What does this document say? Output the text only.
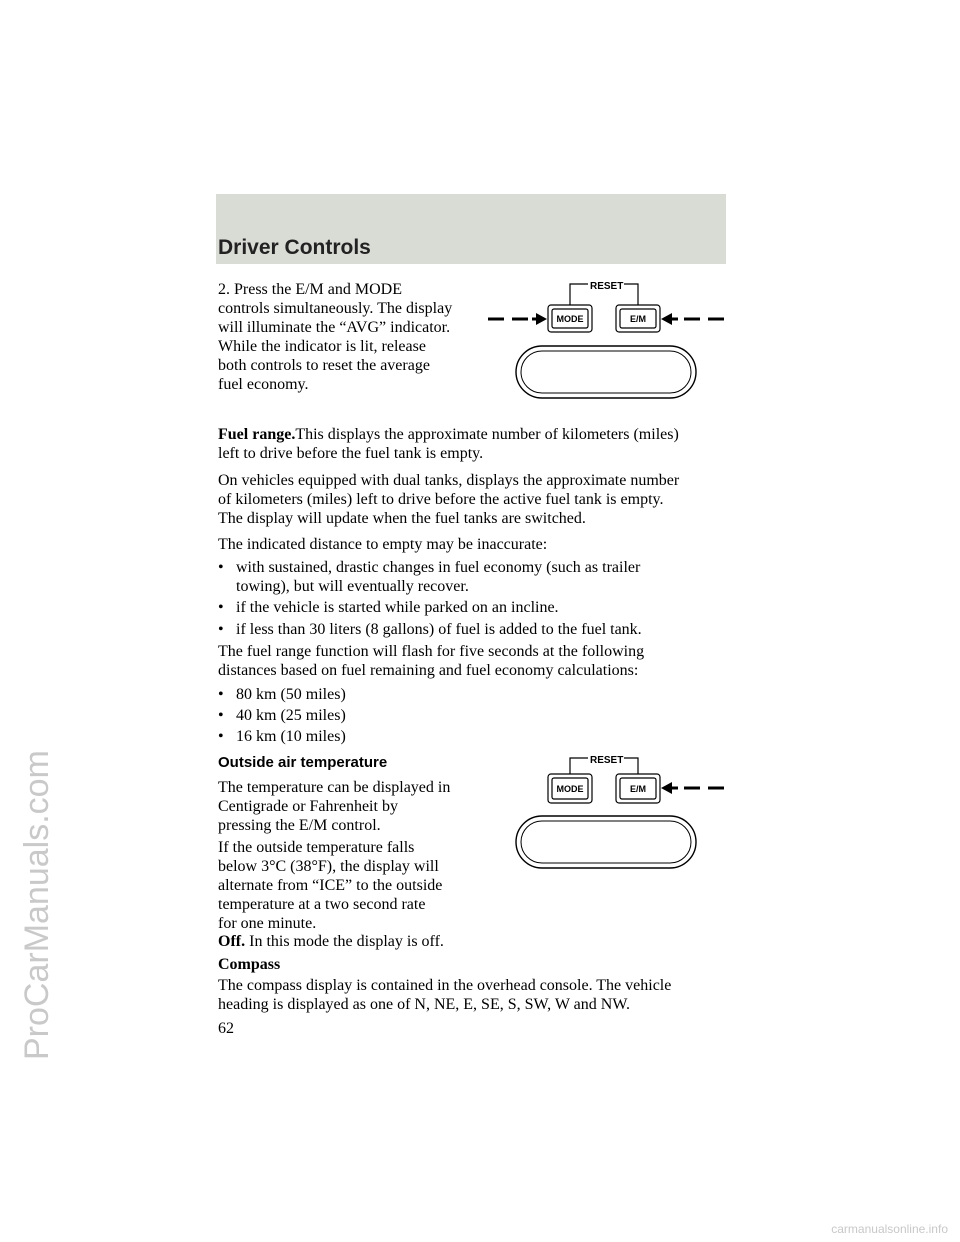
ProCarManuals.com
Driver Controls

2. Press the E/M and MODE
controls simultaneously. The display
will illuminate the “AVG” indicator.
While the indicator is lit, release
both controls to reset the average
fuel economy.

RESET
MODE	E/M

Fuel range.This displays the approximate number of kilometers (miles)
left to drive before the fuel tank is empty.

On vehicles equipped with dual tanks, displays the approximate number
of kilometers (miles) left to drive before the active fuel tank is empty.
The display will update when the fuel tanks are switched.

The indicated distance to empty may be inaccurate:

• with sustained, drastic changes in fuel economy (such as trailer
towing), but will eventually recover.
• if the vehicle is started while parked on an incline.
• if less than 30 liters (8 gallons) of fuel is added to the fuel tank.

The fuel range function will flash for five seconds at the following
distances based on fuel remaining and fuel economy calculations:

• 80 km (50 miles)
• 40 km (25 miles)
• 16 km (10 miles)
Outside air temperature

The temperature can be displayed in
Centigrade or Fahrenheit by
pressing the E/M control.

RESET
MODE	E/M

If the outside temperature falls
below 3°C (38°F), the display will
alternate from “ICE” to the outside
temperature at a two second rate
for one minute.

Off. In this mode the display is off.

Compass

The compass display is contained in the overhead console. The vehicle
heading is displayed as one of N, NE, E, SE, S, SW, W and NW.

62
carmanualsonline.info
